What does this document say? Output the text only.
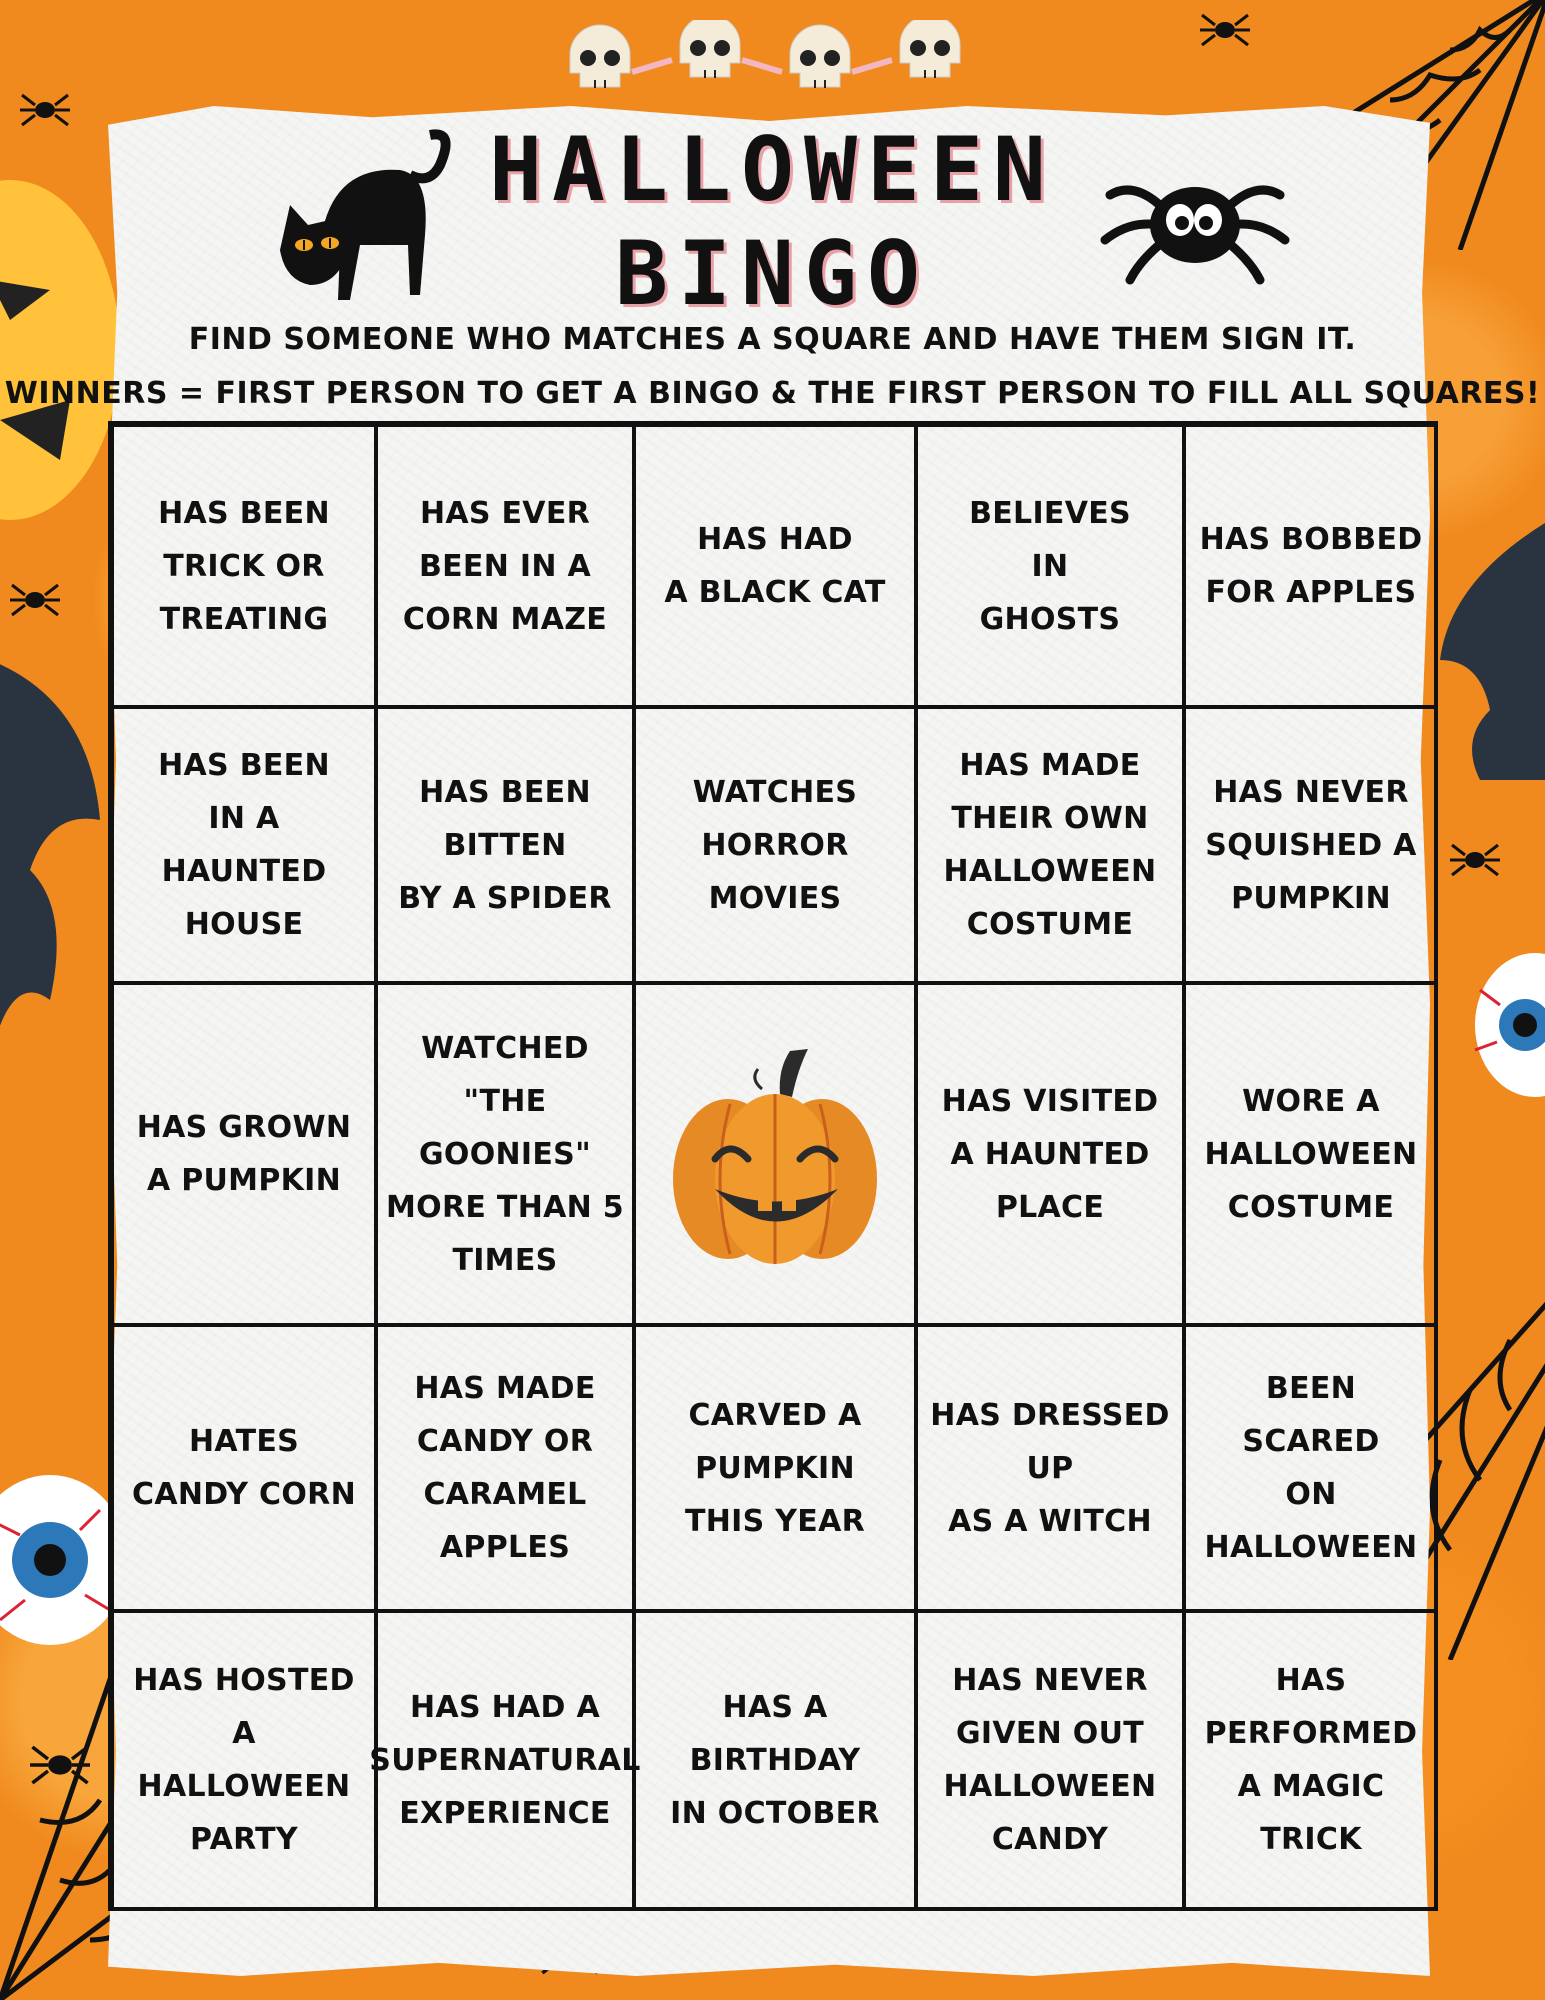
HALLOWEEN
BINGO
FIND SOMEONE WHO MATCHES A SQUARE AND HAVE THEM SIGN IT.
WINNERS = FIRST PERSON TO GET A BINGO & THE FIRST PERSON TO FILL ALL SQUARES!
HAS BEEN
TRICK OR TREATING
HAS EVER
BEEN IN A
CORN MAZE
HAS HAD
A BLACK CAT
BELIEVES
IN
GHOSTS
HAS BOBBED
FOR APPLES
HAS BEEN
IN A
HAUNTED HOUSE
HAS BEEN BITTEN
BY A SPIDER
WATCHES
HORROR MOVIES
HAS MADE
THEIR OWN
HALLOWEEN
COSTUME
HAS NEVER
SQUISHED A
PUMPKIN
HAS GROWN
A PUMPKIN
WATCHED
"THE GOONIES"
MORE THAN 5
TIMES
HAS VISITED
A HAUNTED PLACE
WORE A
HALLOWEEN
COSTUME
HATES
CANDY CORN
HAS MADE
CANDY OR
CARAMEL APPLES
CARVED A
PUMPKIN
THIS YEAR
HAS DRESSED UP
AS A WITCH
BEEN SCARED
ON HALLOWEEN
HAS HOSTED
A HALLOWEEN
PARTY
HAS HAD A
SUPERNATURAL
EXPERIENCE
HAS A BIRTHDAY
IN OCTOBER
HAS NEVER
GIVEN OUT
HALLOWEEN CANDY
HAS PERFORMED
A MAGIC TRICK
